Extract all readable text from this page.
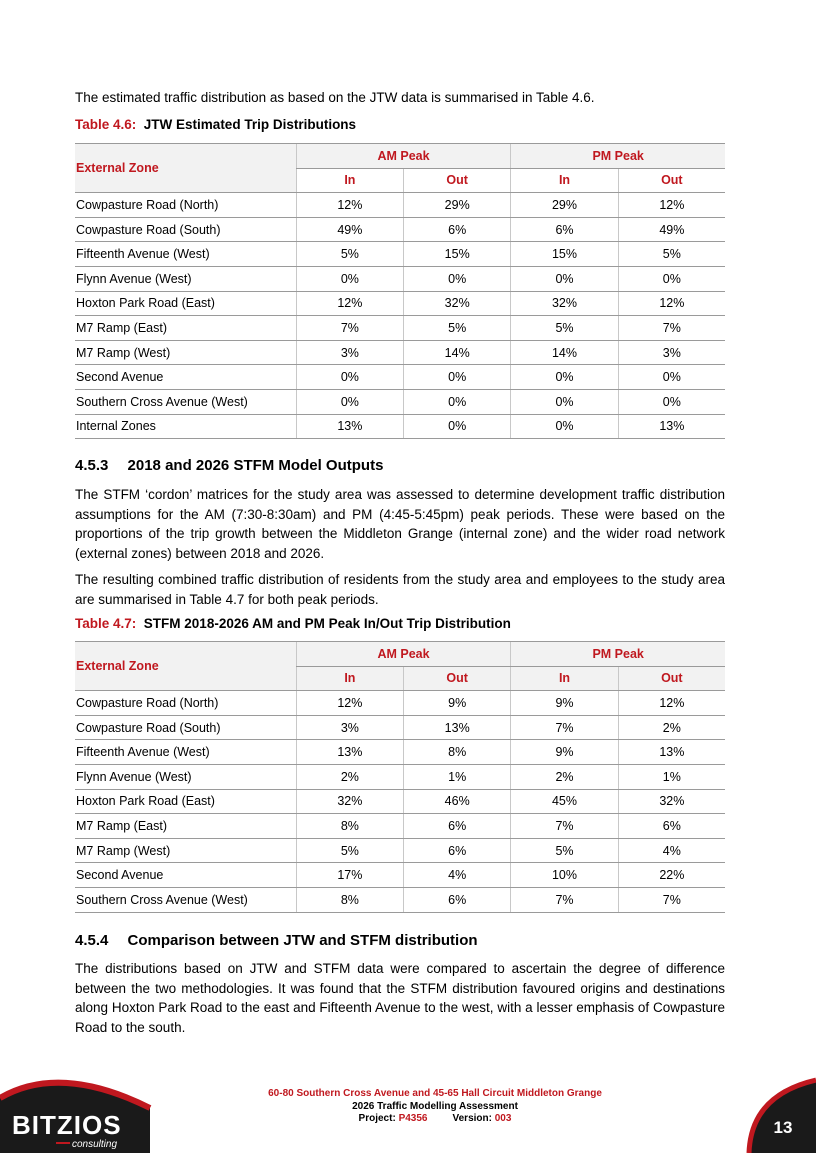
The estimated traffic distribution as based on the JTW data is summarised in Table 4.6.

Table 4.6: JTW Estimated Trip Distributions

External Zone	AM Peak		PM Peak	
	In	Out	In	Out
Cowpasture Road (North)	12%	29%	29%	12%
Cowpasture Road (South)	49%	6%	6%	49%
Fifteenth Avenue (West)	5%	15%	15%	5%
Flynn Avenue (West)	0%	0%	0%	0%
Hoxton Park Road (East)	12%	32%	32%	12%
M7 Ramp (East)	7%	5%	5%	7%
M7 Ramp (West)	3%	14%	14%	3%
Second Avenue	0%	0%	0%	0%
Southern Cross Avenue (West)	0%	0%	0%	0%
Internal Zones	13%	0%	0%	13%

4.5.3  2018 and 2026 STFM Model Outputs

The STFM ‘cordon’ matrices for the study area was assessed to determine development traffic distribution assumptions for the AM (7:30-8:30am) and PM (4:45-5:45pm) peak periods. These were based on the proportions of the trip growth between the Middleton Grange (internal zone) and the wider road network (external zones) between 2018 and 2026.

The resulting combined traffic distribution of residents from the study area and employees to the study area are summarised in Table 4.7 for both peak periods.

Table 4.7: STFM 2018-2026 AM and PM Peak In/Out Trip Distribution

External Zone	AM Peak		PM Peak	
	In	Out	In	Out
Cowpasture Road (North)	12%	9%	9%	12%
Cowpasture Road (South)	3%	13%	7%	2%
Fifteenth Avenue (West)	13%	8%	9%	13%
Flynn Avenue (West)	2%	1%	2%	1%
Hoxton Park Road (East)	32%	46%	45%	32%
M7 Ramp (East)	8%	6%	7%	6%
M7 Ramp (West)	5%	6%	5%	4%
Second Avenue	17%	4%	10%	22%
Southern Cross Avenue (West)	8%	6%	7%	7%

4.5.4  Comparison between JTW and STFM distribution

The distributions based on JTW and STFM data were compared to ascertain the degree of difference between the two methodologies. It was found that the STFM distribution favoured origins and destinations along Hoxton Park Road to the east and Fifteenth Avenue to the west, with a lesser emphasis of Cowpasture Road to the south.

BITZIOS
consulting
60-80 Southern Cross Avenue and 45-65 Hall Circuit Middleton Grange
2026 Traffic Modelling Assessment
Project: P4356	Version: 003	13
